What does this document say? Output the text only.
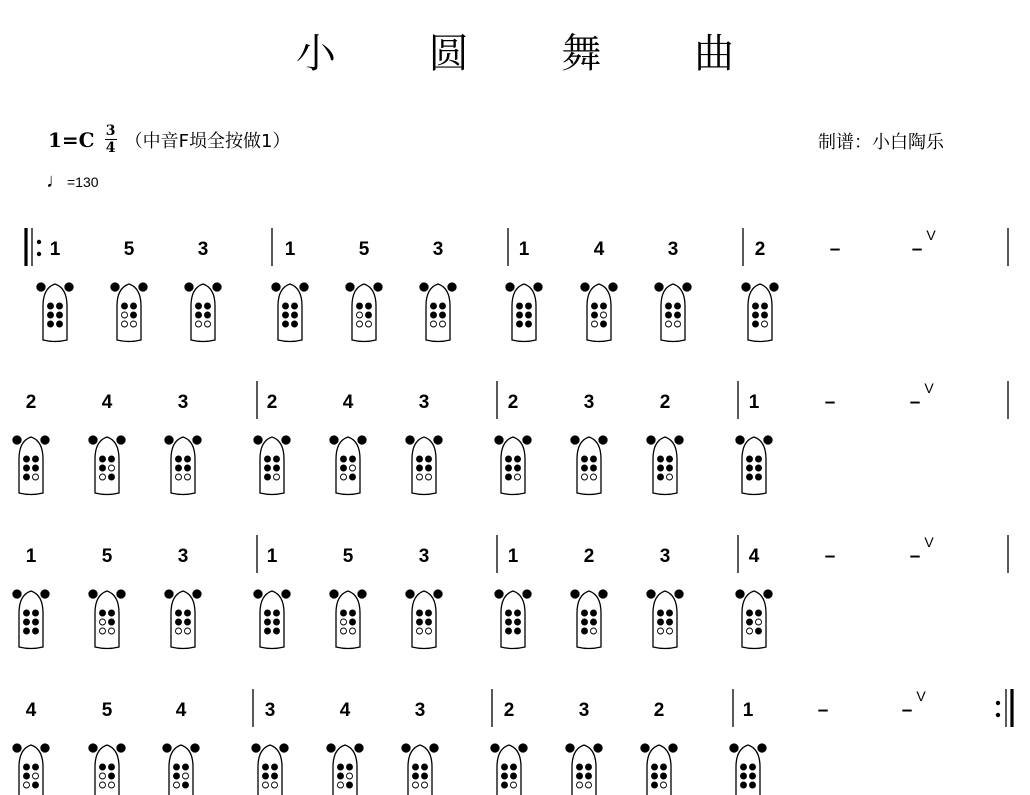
小 圆 舞 曲
$1=C \frac{3}{4}$ （中音F埙全按做1）	制谱：小白陶乐
♩ =130
1	5	3	1	5	3	1	4	3	2	–	–
V
2	4	3	2	4	3	2	3	2	1	–	–
V
1	5	3	1	5	3	1	2	3	4	–	–
V
4	5	4	3	4	3	2	3	2	1	–	–
V
